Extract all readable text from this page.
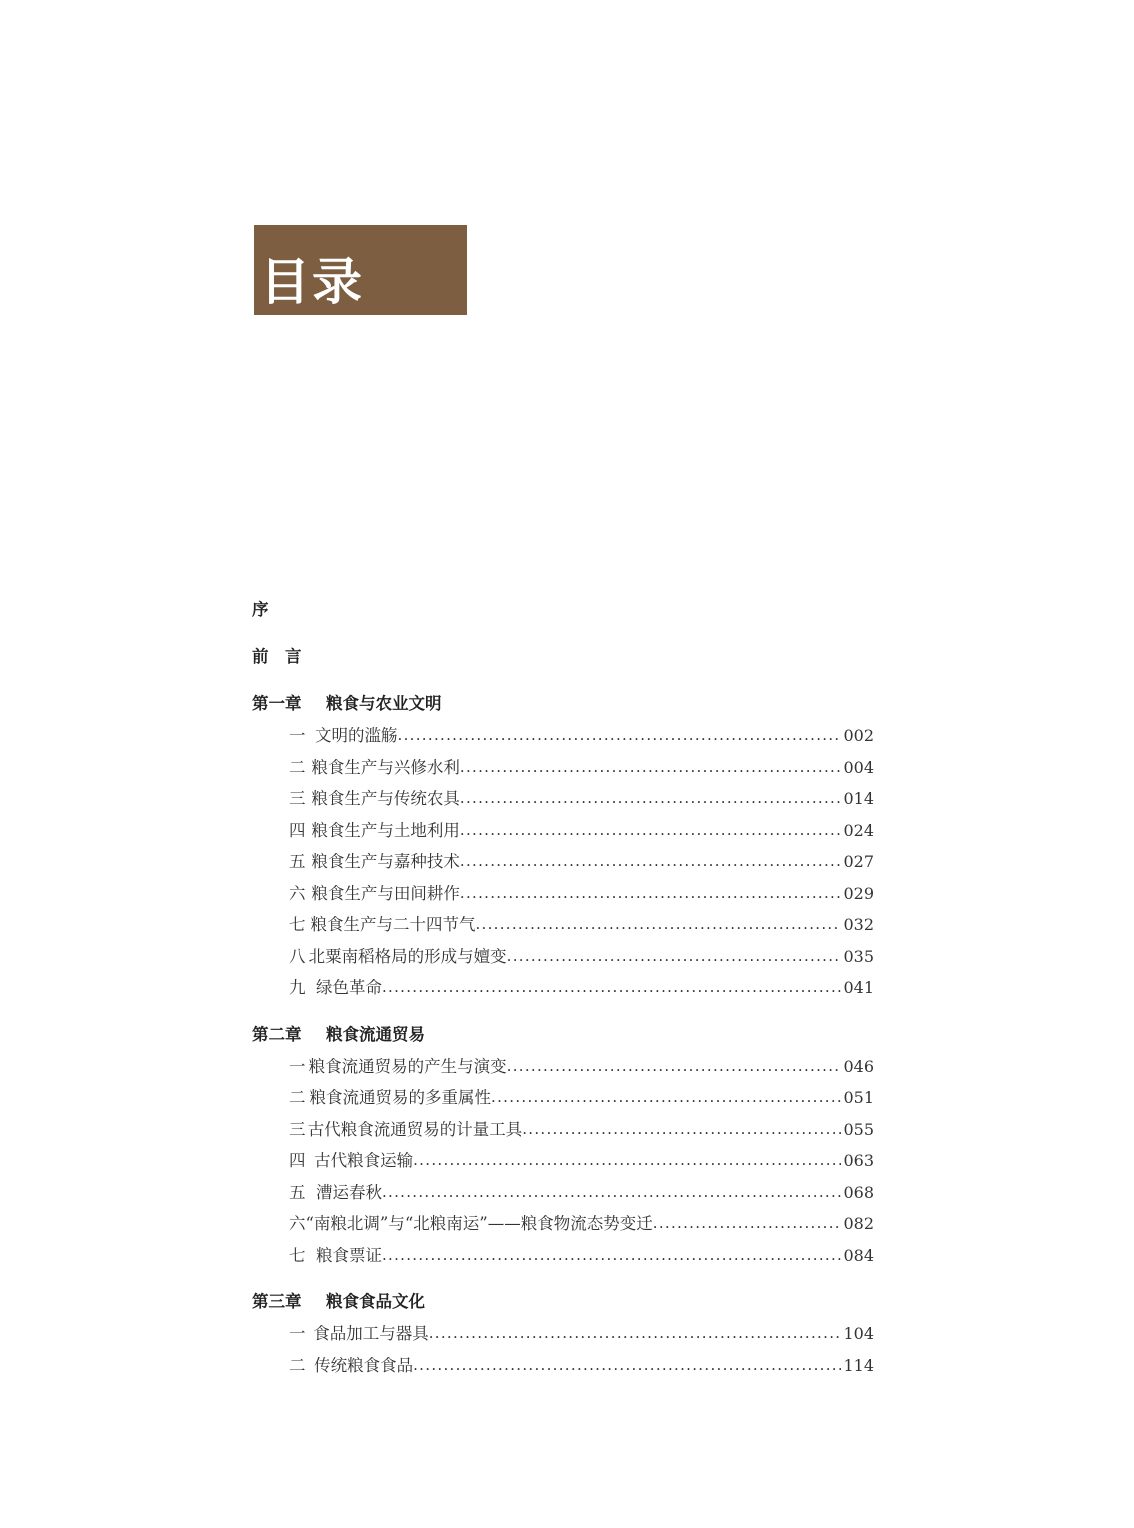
目录
序
前　言
第一章	粮食与农业文明
一 文明的滥觞 .....	002
二 粮食生产与兴修水利 .....	004
三 粮食生产与传统农具 .....	014
四 粮食生产与土地利用 .....	024
五 粮食生产与嘉种技术 .....	027
六 粮食生产与田间耕作 .....	029
七 粮食生产与二十四节气 .....	032
八 北粟南稻格局的形成与嬗变 .....	035
九 绿色革命 .....	041
第二章	粮食流通贸易
一 粮食流通贸易的产生与演变 .....	046
二 粮食流通贸易的多重属性 .....	051
三 古代粮食流通贸易的计量工具 .....	055
四 古代粮食运输 .....	063
五 漕运春秋 .....	068
六 “南粮北调”与“北粮南运”——粮食物流态势变迁 .....	082
七 粮食票证 .....	084
第三章	粮食食品文化
一 食品加工与器具 .....	104
二 传统粮食食品 .....	114
